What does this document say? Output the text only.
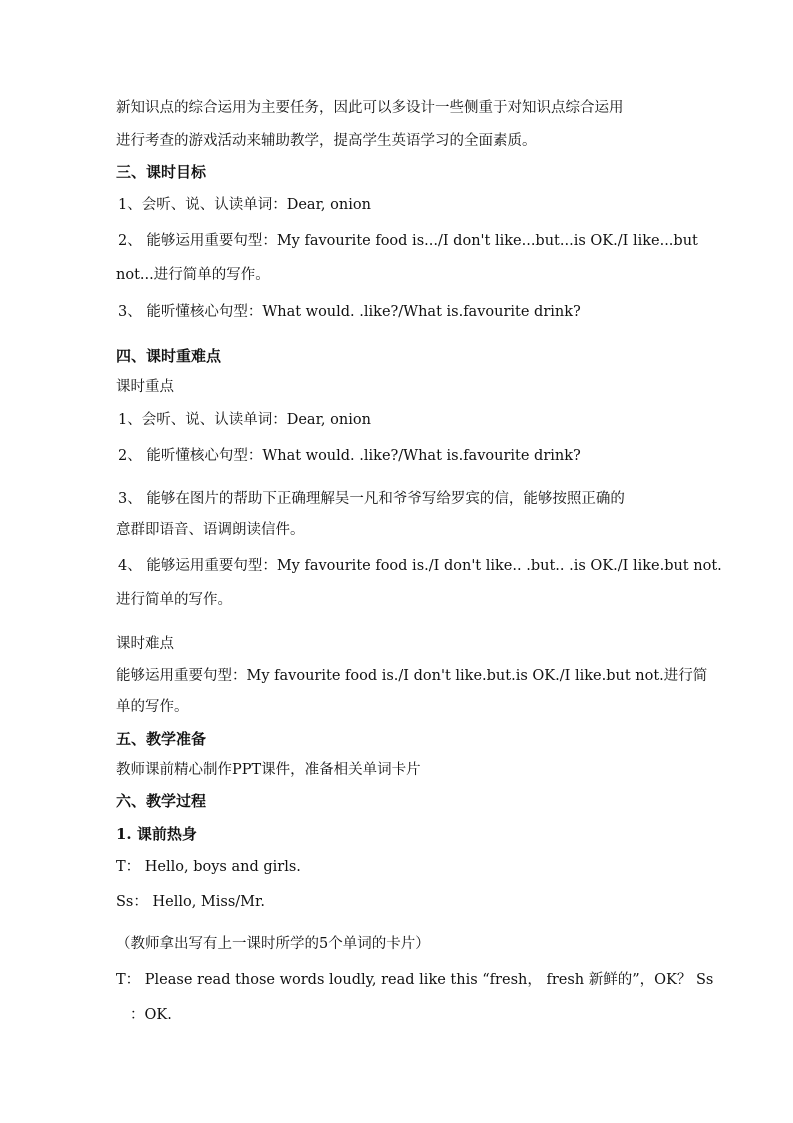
新知识点的综合运用为主要任务，因此可以多设计一些侧重于对知识点综合运用
进行考查的游戏活动来辅助教学，提高学生英语学习的全面素质。
三、课时目标
1、会听、说、认读单词：Dear, onion
2、 能够运用重要句型：My favourite food is.../I don't like...but...is OK./I like...but
not...进行简单的写作。
3、 能听懂核心句型：What would. .like?/What is.favourite drink?
四、课时重难点
课时重点
1、会听、说、认读单词：Dear, onion
2、 能听懂核心句型：What would. .like?/What is.favourite drink?
3、 能够在图片的帮助下正确理解吴一凡和爷爷写给罗宾的信，能够按照正确的
意群即语音、语调朗读信件。
4、 能够运用重要句型：My favourite food is./I don't like.. .but.. .is OK./I like.but not.
进行简单的写作。
课时难点
能够运用重要句型：My favourite food is./I don't like.but.is OK./I like.but not.进行简
单的写作。
五、教学准备
教师课前精心制作PPT课件，准备相关单词卡片
六、教学过程
1. 课前热身
T： Hello, boys and girls.
Ss： Hello, Miss/Mr.
（教师拿出写有上一课时所学的5个单词的卡片）
T： Please read those words loudly, read like this “fresh， fresh 新鲜的”，OK？ Ss
：OK.
